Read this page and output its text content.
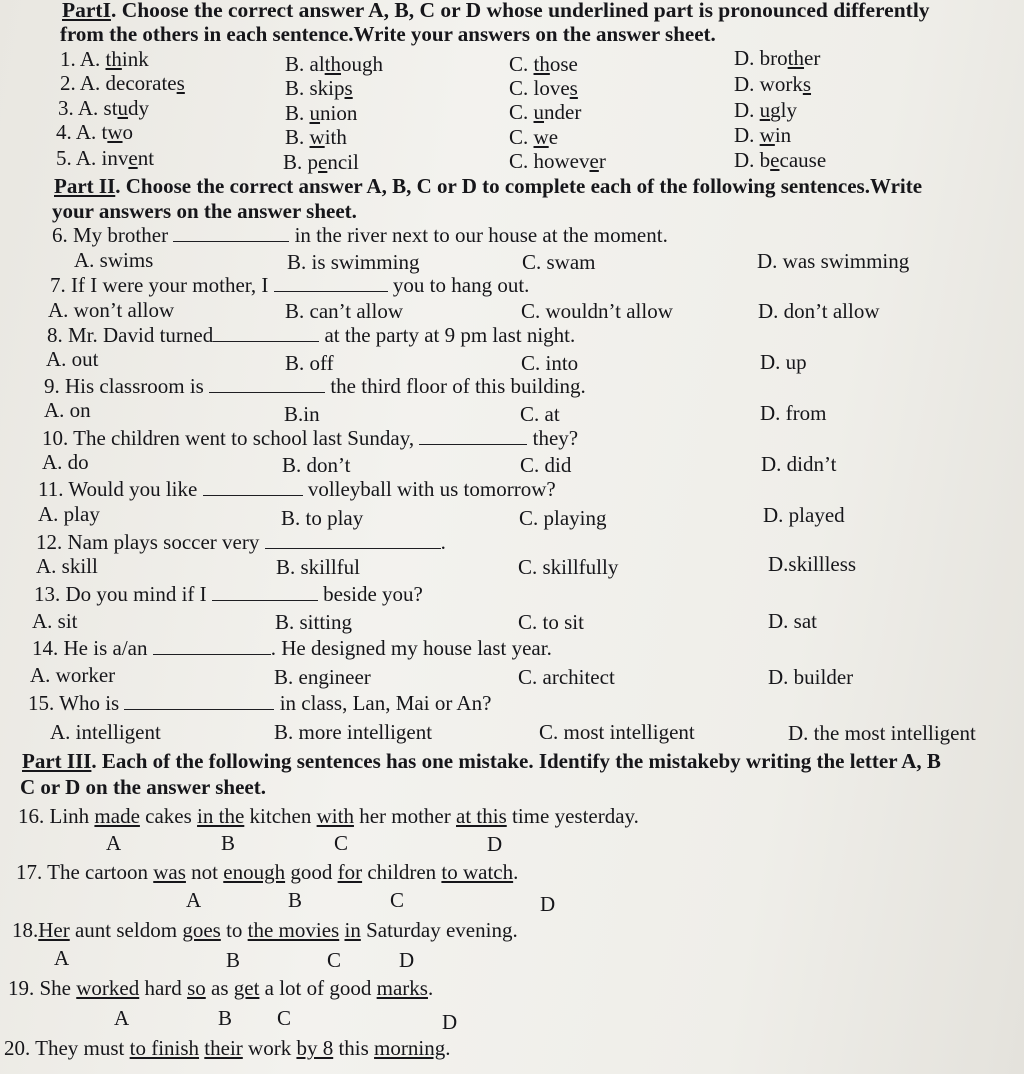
PartI. Choose the correct answer A, B, C or D whose underlined part is pronounced differently
from the others in each sentence.Write your answers on the answer sheet.
1. A. think	B. although	C. those	D. brother
2. A. decorates	B. skips	C. loves	D. works
3. A. study	B. union	C. under	D. ugly
4. A. two	B. with	C. we	D. win
5. A. invent	B. pencil	C. however	D. because
Part II. Choose the correct answer A, B, C or D to complete each of the following sentences.Write
your answers on the answer sheet.
6. My brother	in the river next to our house at the moment.
A. swims	B. is swimming	C. swam	D. was swimming
7. If I were your mother, I	you to hang out.
A. won’t allow	B. can’t allow	C. wouldn’t allow	D. don’t allow
8. Mr. David turned	at the party at 9 pm last night.
A. out	B. off	C. into	D. up
9. His classroom is	the third floor of this building.
A. on	B.in	C. at	D. from
10. The children went to school last Sunday,	they?
A. do	B. don’t	C. did	D. didn’t
11. Would you like	volleyball with us tomorrow?
A. play	B. to play	C. playing	D. played
12. Nam plays soccer very	.
A. skill	B. skillful	C. skillfully	D.skillless
13. Do you mind if I	beside you?
A. sit	B. sitting	C. to sit	D. sat
14. He is a/an	. He designed my house last year.
A. worker	B. engineer	C. architect	D. builder
15. Who is	in class, Lan, Mai or An?
A. intelligent	B. more intelligent	C. most intelligent	D. the most intelligent
Part III. Each of the following sentences has one mistake. Identify the mistakeby writing the letter A, B
C or D on the answer sheet.
16. Linh made cakes in the kitchen with her mother at this time yesterday.
A	B	C	D
17. The cartoon was not enough good for children to watch.
A	B	C	D
18.Her aunt seldom goes to the movies in Saturday evening.
A	B	C	D
19. She worked hard so as get a lot of good marks.
A	B C	D
20. They must to finish their work by 8 this morning.
